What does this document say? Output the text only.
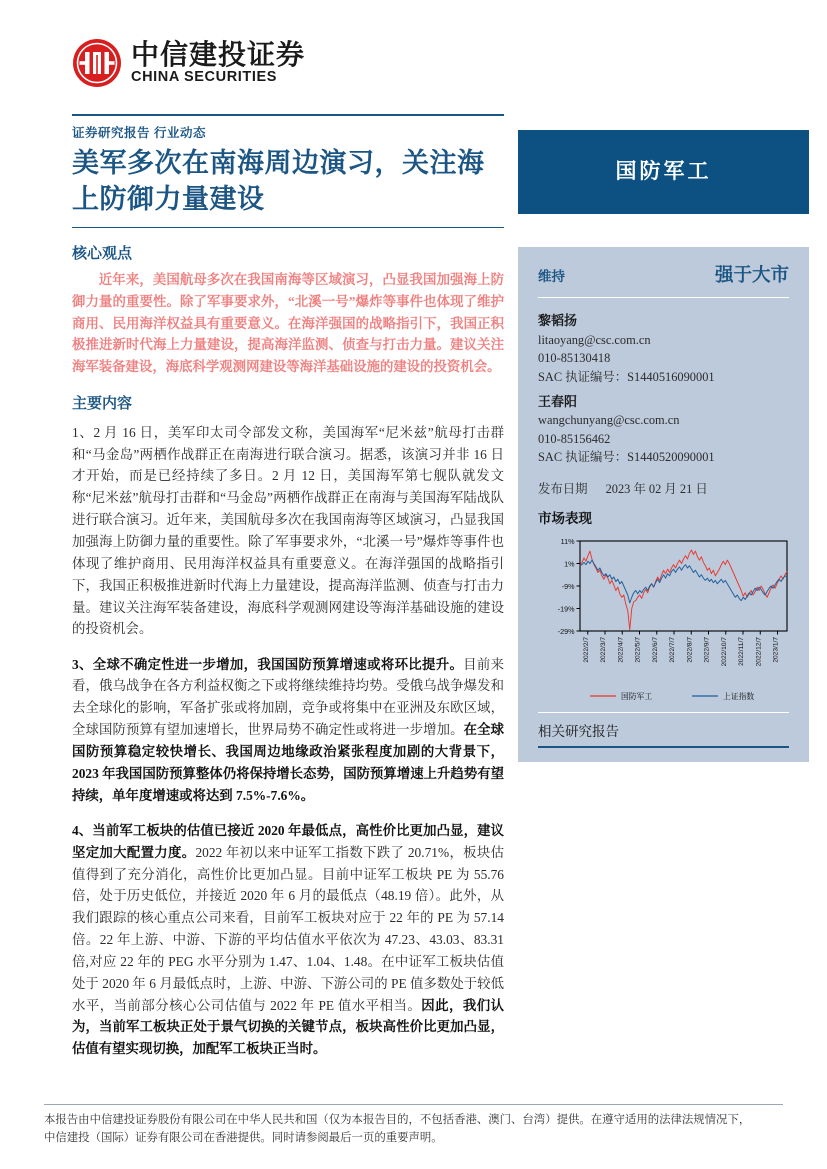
中信建投证券
CHINA SECURITIES
证券研究报告 行业动态
美军多次在南海周边演习，关注海上防御力量建设
核心观点
近年来，美国航母多次在我国南海等区域演习，凸显我国加强海上防御力量的重要性。除了军事要求外，“北溪一号”爆炸等事件也体现了维护商用、民用海洋权益具有重要意义。在海洋强国的战略指引下，我国正积极推进新时代海上力量建设，提高海洋监测、侦查与打击力量。建议关注海军装备建设，海底科学观测网建设等海洋基础设施的建设的投资机会。
主要内容

1、2 月 16 日，美军印太司令部发文称，美国海军“尼米兹”航母打击群和“马金岛”两栖作战群正在南海进行联合演习。据悉，该演习并非 16 日才开始，而是已经持续了多日。2 月 12 日，美国海军第七舰队就发文称“尼米兹”航母打击群和“马金岛”两栖作战群正在南海与美国海军陆战队进行联合演习。近年来，美国航母多次在我国南海等区域演习，凸显我国加强海上防御力量的重要性。除了军事要求外，“北溪一号”爆炸等事件也体现了维护商用、民用海洋权益具有重要意义。在海洋强国的战略指引下，我国正积极推进新时代海上力量建设，提高海洋监测、侦查与打击力量。建议关注海军装备建设，海底科学观测网建设等海洋基础设施的建设的投资机会。

3、全球不确定性进一步增加，我国国防预算增速或将环比提升。目前来看，俄乌战争在各方利益权衡之下或将继续维持均势。受俄乌战争爆发和去全球化的影响，军备扩张或将加剧，竞争或将集中在亚洲及东欧区域，全球国防预算有望加速增长，世界局势不确定性或将进一步增加。在全球国防预算稳定较快增长、我国周边地缘政治紧张程度加剧的大背景下，2023 年我国国防预算整体仍将保持增长态势，国防预算增速上升趋势有望持续，单年度增速或将达到 7.5%-7.6%。

4、当前军工板块的估值已接近 2020 年最低点，高性价比更加凸显，建议坚定加大配置力度。2022 年初以来中证军工指数下跌了 20.71%，板块估值得到了充分消化，高性价比更加凸显。目前中证军工板块 PE 为 55.76 倍，处于历史低位，并接近 2020 年 6 月的最低点（48.19 倍）。此外，从我们跟踪的核心重点公司来看，目前军工板块对应于 22 年的 PE 为 57.14 倍。22 年上游、中游、下游的平均估值水平依次为 47.23、43.03、83.31 倍,对应 22 年的 PEG 水平分别为 1.47、1.04、1.48。在中证军工板块估值处于 2020 年 6 月最低点时，上游、中游、下游公司的 PE 值多数处于较低水平，当前部分核心公司估值与 2022 年 PE 值水平相当。因此，我们认为，当前军工板块正处于景气切换的关键节点，板块高性价比更加凸显，估值有望实现切换，加配军工板块正当时。

国防军工
维持	强于大市
黎韬扬
litaoyang@csc.com.cn
010-85130418
SAC 执证编号：S1440516090001
王春阳
wangchunyang@csc.com.cn
010-85156462
SAC 执证编号：S1440520090001
发布日期 2023 年 02 月 21 日
市场表现
11%
1%
-9%
-19%
-29%
2022/2/7 2022/3/7 2022/4/7 2022/5/7 2022/6/7 2022/7/7 2022/8/7 2022/9/7 2022/10/7 2022/11/7 2022/12/7 2023/1/7
国防军工	上证指数
相关研究报告
本报告由中信建投证券股份有限公司在中华人民共和国（仅为本报告目的，不包括香港、澳门、台湾）提供。在遵守适用的法律法规情况下，
中信建投（国际）证券有限公司在香港提供。同时请参阅最后一页的重要声明。
